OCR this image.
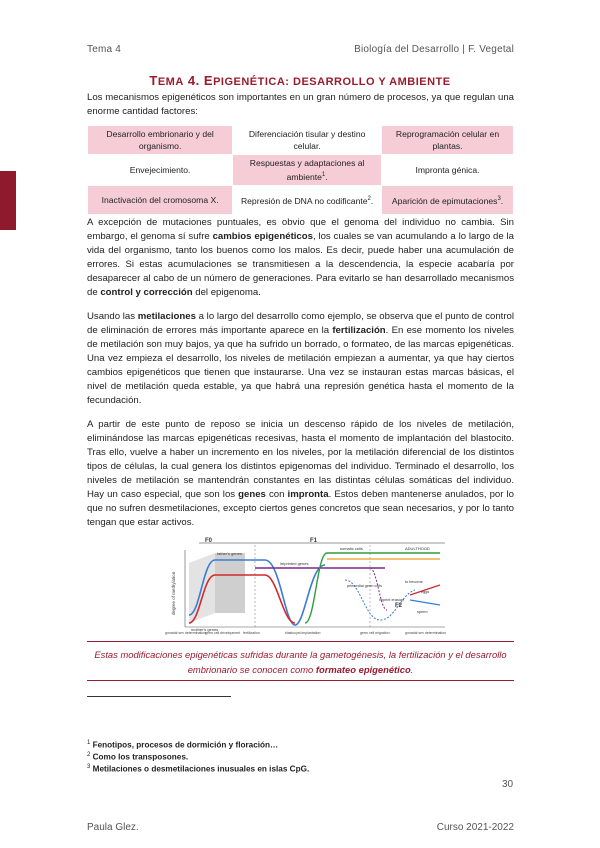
Tema 4	Biología del Desarrollo | F. Vegetal
TEMA 4. EPIGENÉTICA: DESARROLLO Y AMBIENTE
Los mecanismos epigenéticos son importantes en un gran número de procesos, ya que regulan una enorme cantidad factores:
Desarrollo embrionario y del organismo.	Diferenciación tisular y destino celular.	Reprogramación celular en plantas.
Envejecimiento.	Respuestas y adaptaciones al ambiente$^1$.	Impronta génica.
Inactivación del cromosoma X.	Represión de DNA no codificante$^2$.	Aparición de epimutaciones$^3$.
A excepción de mutaciones puntuales, es obvio que el genoma del individuo no cambia. Sin embargo, el genoma sí sufre cambios epigenéticos, los cuales se van acumulando a lo largo de la vida del organismo, tanto los buenos como los malos. Es decir, puede haber una acumulación de errores. Si estas acumulaciones se transmitiesen a la descendencia, la especie acabaría por desaparecer al cabo de un número de generaciones. Para evitarlo se han desarrollado mecanismos de control y corrección del epigenoma.
Usando las metilaciones a lo largo del desarrollo como ejemplo, se observa que el punto de control de eliminación de errores más importante aparece en la fertilización. En ese momento los niveles de metilación son muy bajos, ya que ha sufrido un borrado, o formateo, de las marcas epigenéticas. Una vez empieza el desarrollo, los niveles de metilación empiezan a aumentar, ya que hay ciertos cambios epigenéticos que tienen que instaurarse. Una vez se instauran estas marcas básicas, el nivel de metilación queda estable, ya que habrá una represión genética hasta el momento de la fecundación.
A partir de este punto de reposo se inicia un descenso rápido de los niveles de metilación, eliminándose las marcas epigenéticas recesivas, hasta el momento de implantación del blastocito. Tras ello, vuelve a haber un incremento en los niveles, por la metilación diferencial de los distintos tipos de células, la cual genera los distintos epigenomas del individuo. Terminado el desarrollo, los niveles de metilación se mantendrán constantes en las distintas células somáticas del individuo. Hay un caso especial, que son los genes con impronta. Estos deben mantenerse anulados, por lo que no sufren desmetilaciones, excepto ciertos genes concretos que sean necesarios, y por lo tanto tengan que estar activos.
F0	F1
degree of methylation
father's genes
mother's genes
somatic cells	ADULTHOOD
imprinted genes
primordial germ cells
imprint erasure
to become
sperm
eggs
F2
gonadal sex determination
germ cell development fertilization	blastocyst implantation	germ cell migration	gonadal sex determination
Estas modificaciones epigenéticas sufridas durante la gametogénesis, la fertilización y el desarrollo embrionario se conocen como formateo epigenético.
$^1$ Fenotipos, procesos de dormición y floración…
$^2$ Como los transposones.
$^3$ Metilaciones o desmetilaciones inusuales en islas CpG.
30
Paula Glez.	Curso 2021-2022
